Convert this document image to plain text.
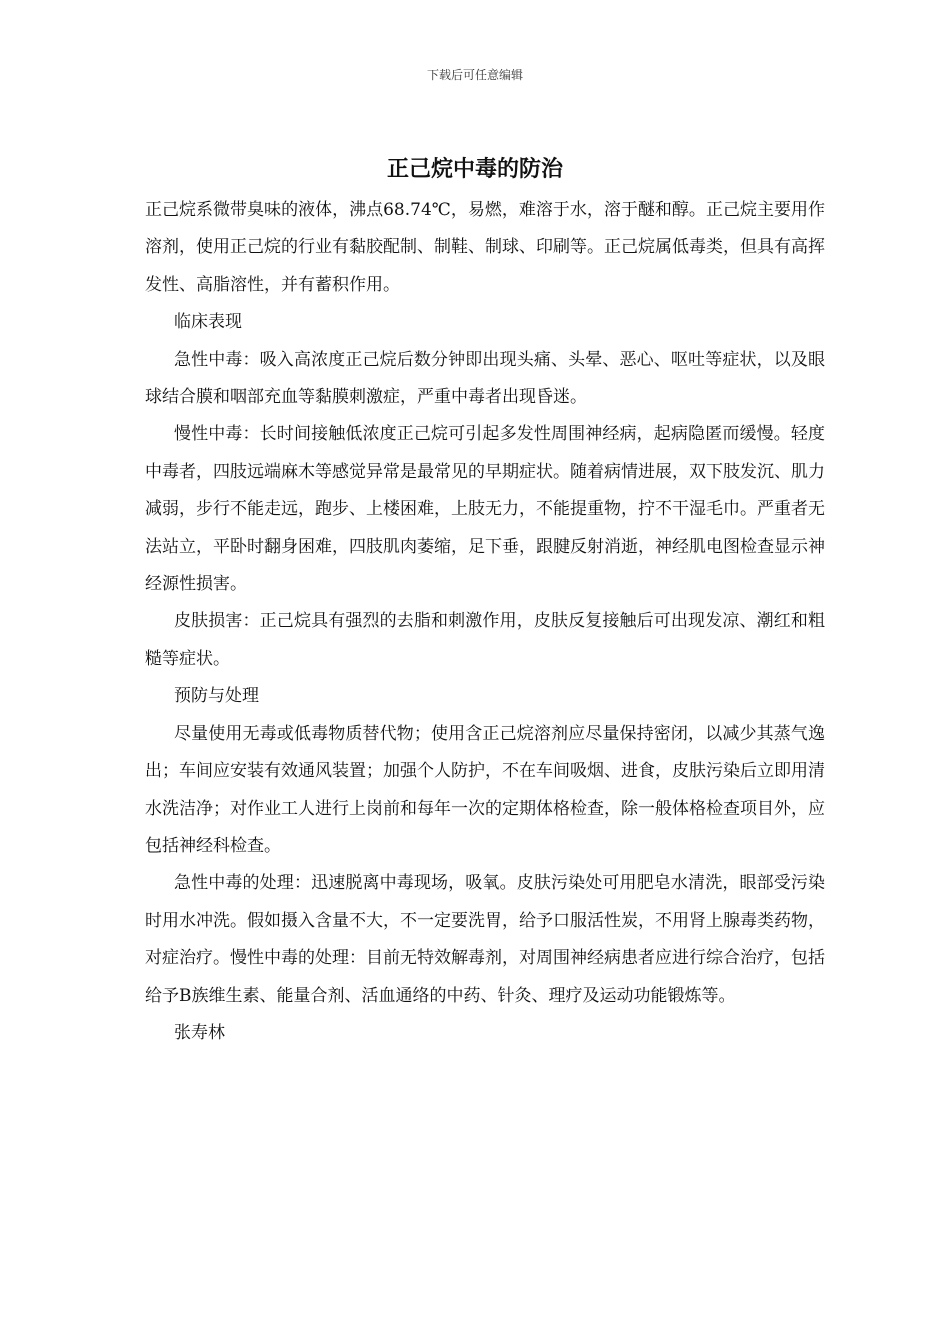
下载后可任意编辑
正己烷中毒的防治

正己烷系微带臭味的液体，沸点68.74℃，易燃，难溶于水，溶于醚和醇。正己烷主要用作溶剂，使用正己烷的行业有黏胶配制、制鞋、制球、印刷等。正己烷属低毒类，但具有高挥发性、高脂溶性，并有蓄积作用。

临床表现

急性中毒：吸入高浓度正己烷后数分钟即出现头痛、头晕、恶心、呕吐等症状，以及眼球结合膜和咽部充血等黏膜刺激症，严重中毒者出现昏迷。

慢性中毒：长时间接触低浓度正己烷可引起多发性周围神经病，起病隐匿而缓慢。轻度中毒者，四肢远端麻木等感觉异常是最常见的早期症状。随着病情进展，双下肢发沉、肌力减弱，步行不能走远，跑步、上楼困难，上肢无力，不能提重物，拧不干湿毛巾。严重者无法站立，平卧时翻身困难，四肢肌肉萎缩，足下垂，跟腱反射消逝，神经肌电图检查显示神经源性损害。

皮肤损害：正己烷具有强烈的去脂和刺激作用，皮肤反复接触后可出现发凉、潮红和粗糙等症状。

预防与处理

尽量使用无毒或低毒物质替代物；使用含正己烷溶剂应尽量保持密闭，以减少其蒸气逸出；车间应安装有效通风装置；加强个人防护，不在车间吸烟、进食，皮肤污染后立即用清水洗洁净；对作业工人进行上岗前和每年一次的定期体格检查，除一般体格检查项目外，应包括神经科检查。

急性中毒的处理：迅速脱离中毒现场，吸氧。皮肤污染处可用肥皂水清洗，眼部受污染时用水冲洗。假如摄入含量不大，不一定要洗胃，给予口服活性炭，不用肾上腺毒类药物，对症治疗。慢性中毒的处理：目前无特效解毒剂，对周围神经病患者应进行综合治疗，包括给予B族维生素、能量合剂、活血通络的中药、针灸、理疗及运动功能锻炼等。

张寿林
